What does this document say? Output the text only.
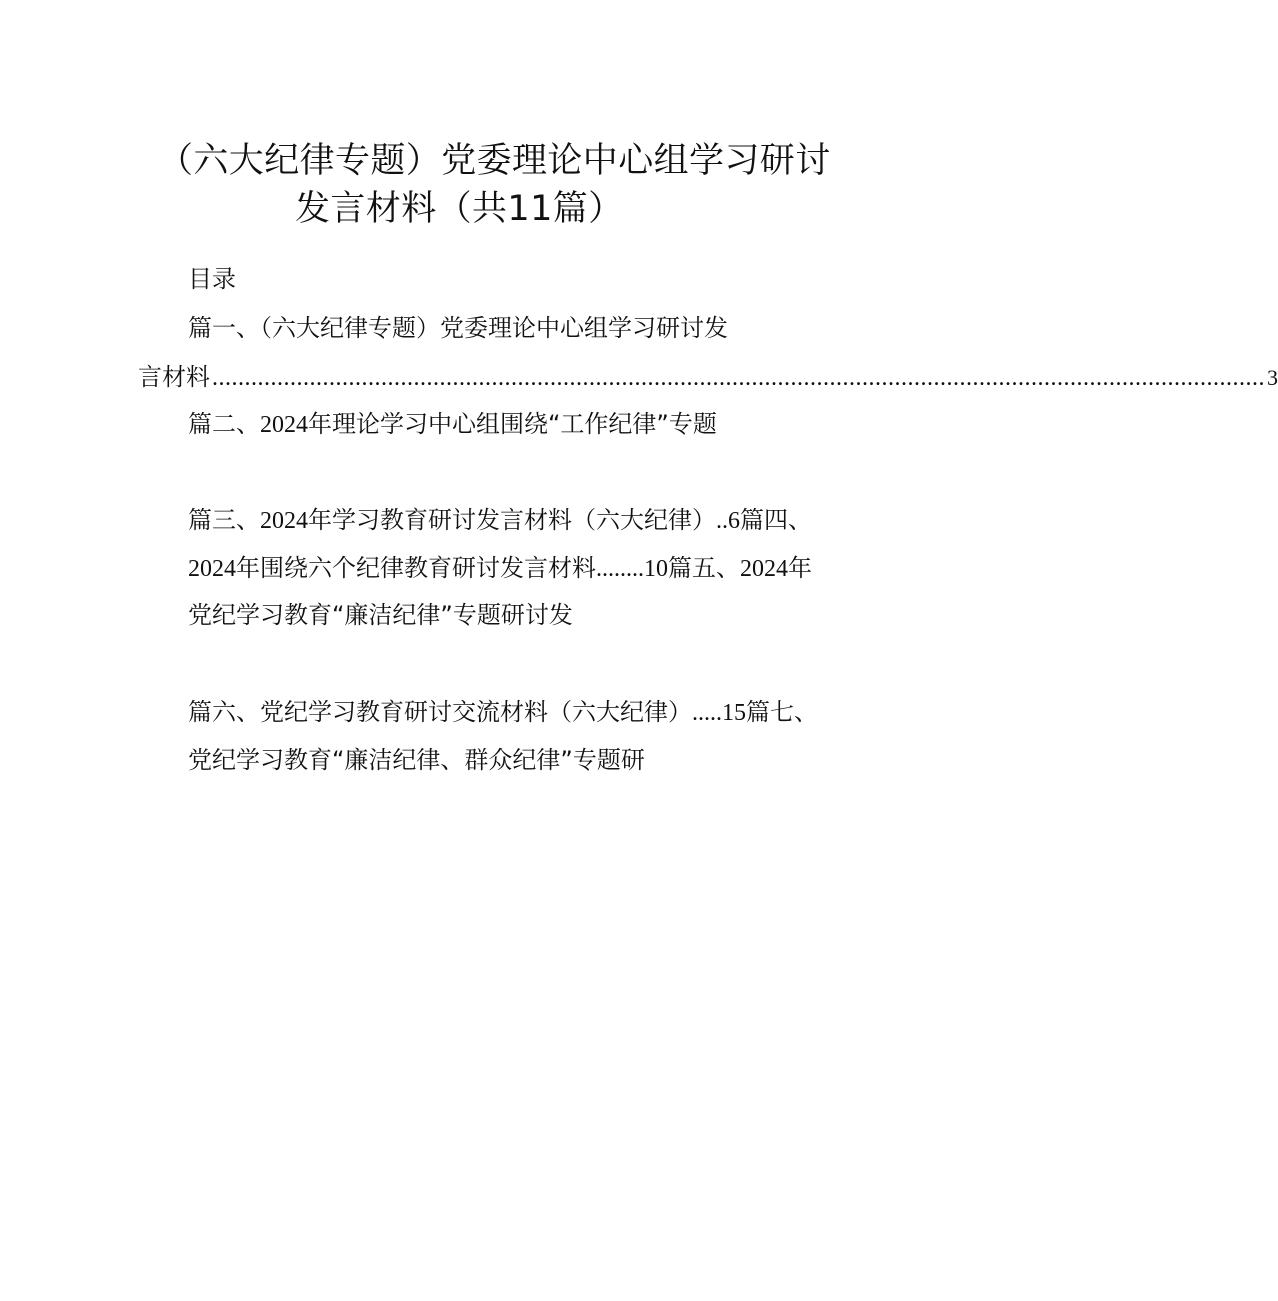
（六大纪律专题）党委理论中心组学习研讨
发言材料（共11篇）
目录
篇一、（六大纪律专题）党委理论中心组学习研讨发
言材料 .................................................................................................................................................................. 3
篇二、2024年理论学习中心组围绕“工作纪律”专题
篇三、2024年学习教育研讨发言材料（六大纪律）..6篇四、
2024年围绕六个纪律教育研讨发言材料........10篇五、2024年
党纪学习教育“廉洁纪律”专题研讨发
篇六、党纪学习教育研讨交流材料（六大纪律）.....15篇七、
党纪学习教育“廉洁纪律、群众纪律”专题研
